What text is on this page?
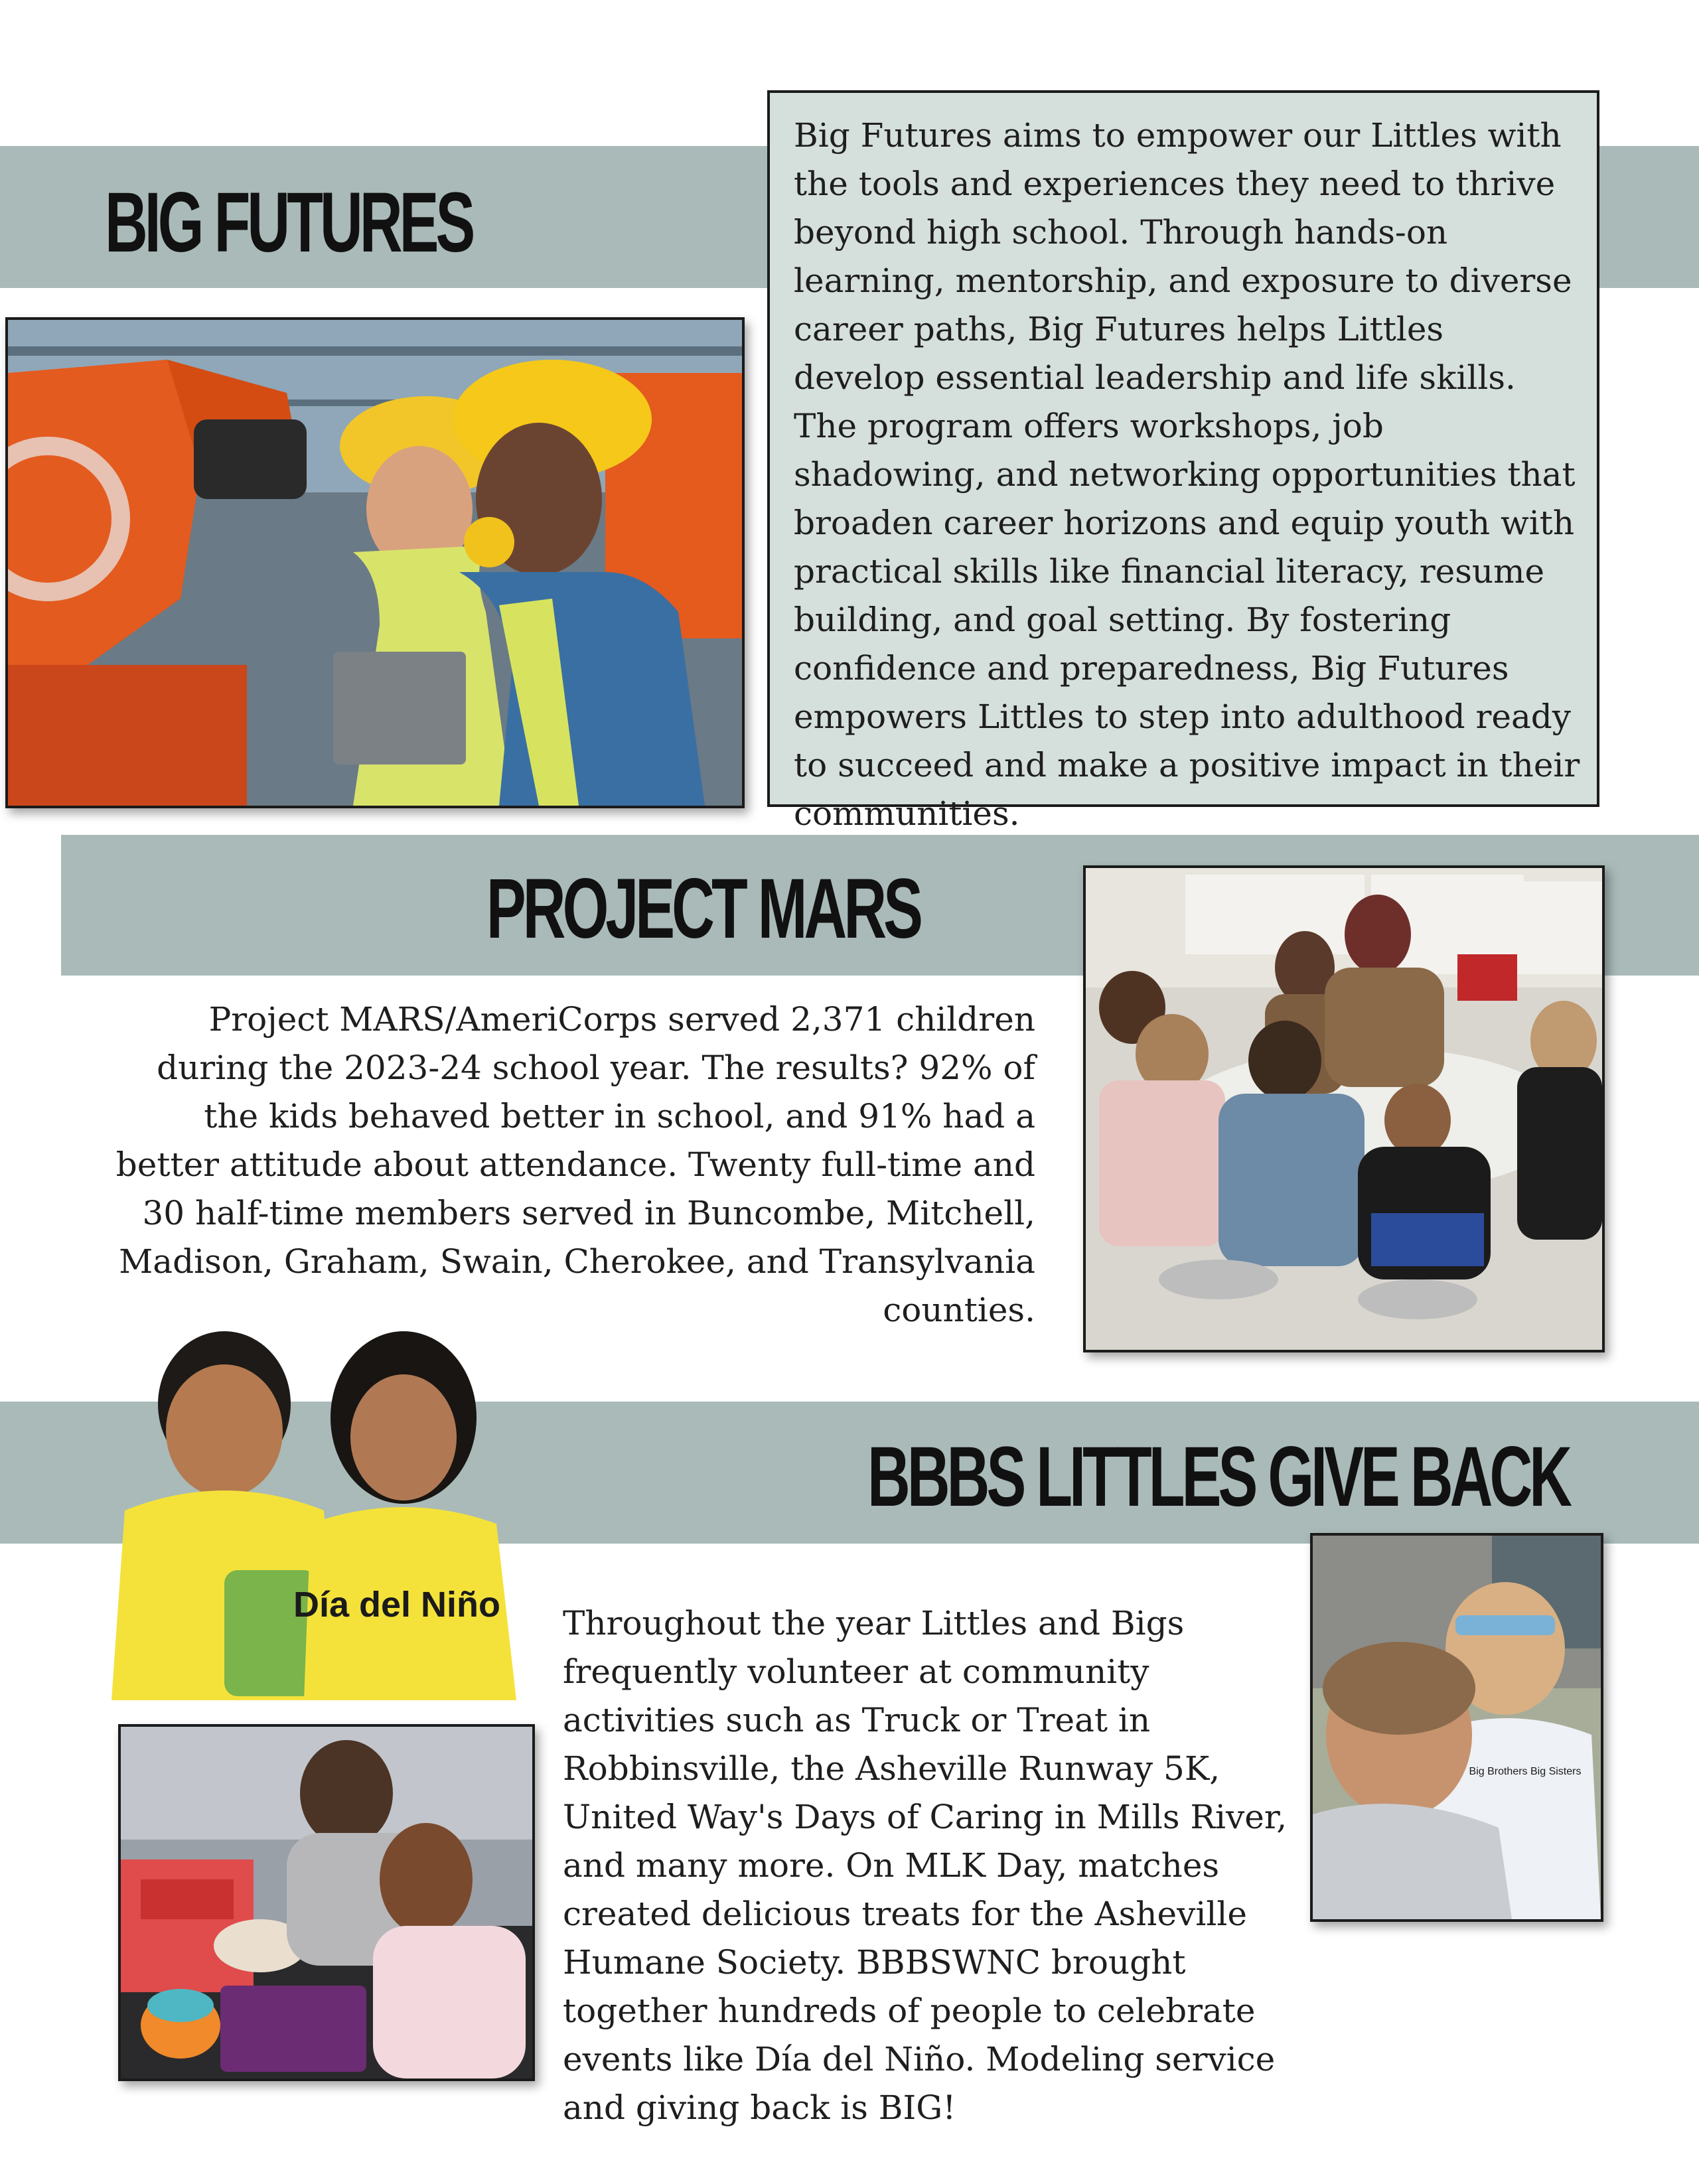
BIG FUTURES
Big Futures aims to empower our Littles with the tools and experiences they need to thrive beyond high school. Through hands-on learning, mentorship, and exposure to diverse career paths, Big Futures helps Littles develop essential leadership and life skills. The program offers workshops, job shadowing, and networking opportunities that broaden career horizons and equip youth with practical skills like financial literacy, resume building, and goal setting. By fostering confidence and preparedness, Big Futures empowers Littles to step into adulthood ready to succeed and make a positive impact in their communities.
PROJECT MARS
Project MARS/AmeriCorps served 2,371 children during the 2023-24 school year. The results? 92% of the kids behaved better in school, and 91% had a better attitude about attendance. Twenty full-time and 30 half-time members served in Buncombe, Mitchell, Madison, Graham, Swain, Cherokee, and Transylvania counties.
BBBS LITTLES GIVE BACK
Día del Niño
Big Brothers Big Sisters
Throughout the year Littles and Bigs frequently volunteer at community activities such as Truck or Treat in Robbinsville, the Asheville Runway 5K, United Way's Days of Caring in Mills River, and many more. On MLK Day, matches created delicious treats for the Asheville Humane Society. BBBSWNC brought together hundreds of people to celebrate events like Día del Niño. Modeling service and giving back is BIG!
